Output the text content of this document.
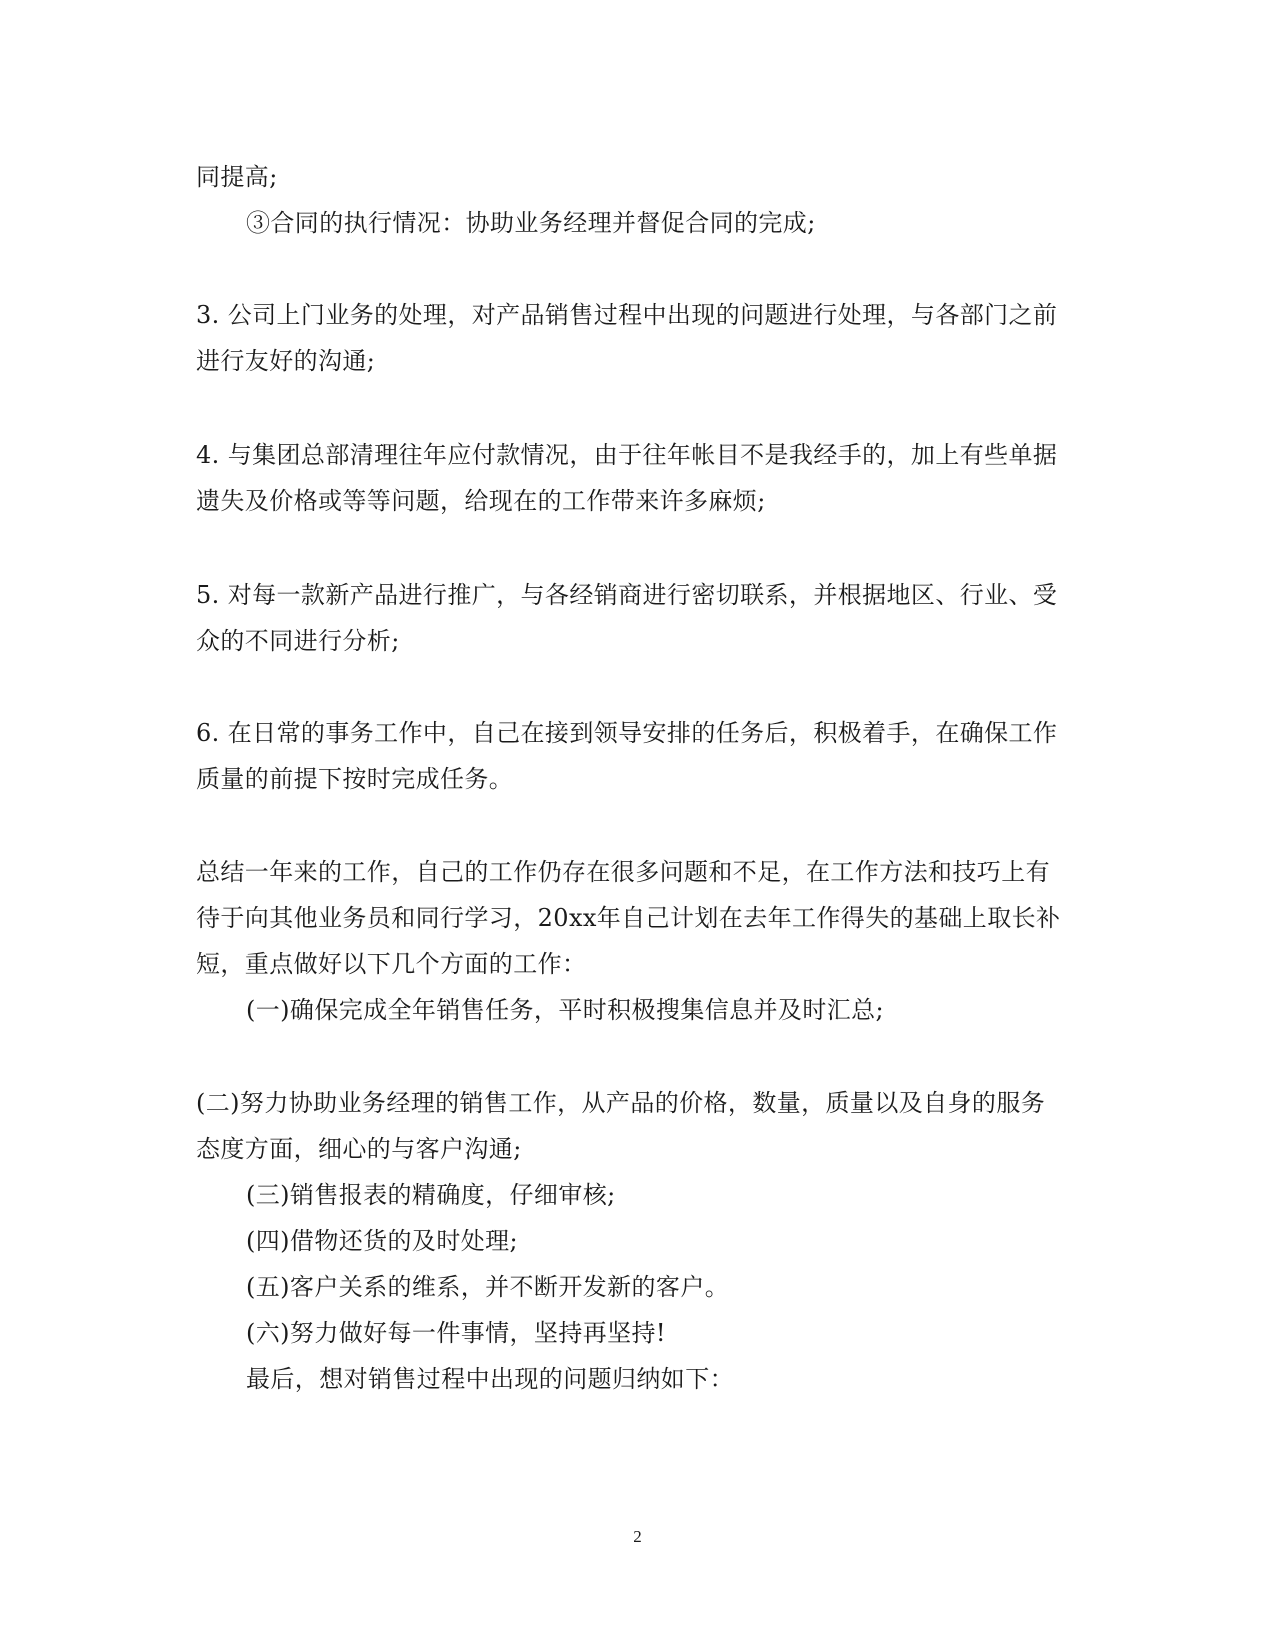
同提高;
③合同的执行情况：协助业务经理并督促合同的完成;
3. 公司上门业务的处理，对产品销售过程中出现的问题进行处理，与各部门之前
进行友好的沟通;
4. 与集团总部清理往年应付款情况，由于往年帐目不是我经手的，加上有些单据
遗失及价格或等等问题，给现在的工作带来许多麻烦;
5. 对每一款新产品进行推广，与各经销商进行密切联系，并根据地区、行业、受
众的不同进行分析;
6. 在日常的事务工作中，自己在接到领导安排的任务后，积极着手，在确保工作
质量的前提下按时完成任务。
总结一年来的工作，自己的工作仍存在很多问题和不足，在工作方法和技巧上有
待于向其他业务员和同行学习，20xx年自己计划在去年工作得失的基础上取长补
短，重点做好以下几个方面的工作：
(一)确保完成全年销售任务，平时积极搜集信息并及时汇总;
(二)努力协助业务经理的销售工作，从产品的价格，数量，质量以及自身的服务
态度方面，细心的与客户沟通;
(三)销售报表的精确度，仔细审核;
(四)借物还货的及时处理;
(五)客户关系的维系，并不断开发新的客户。
(六)努力做好每一件事情，坚持再坚持!
最后，想对销售过程中出现的问题归纳如下：
2
